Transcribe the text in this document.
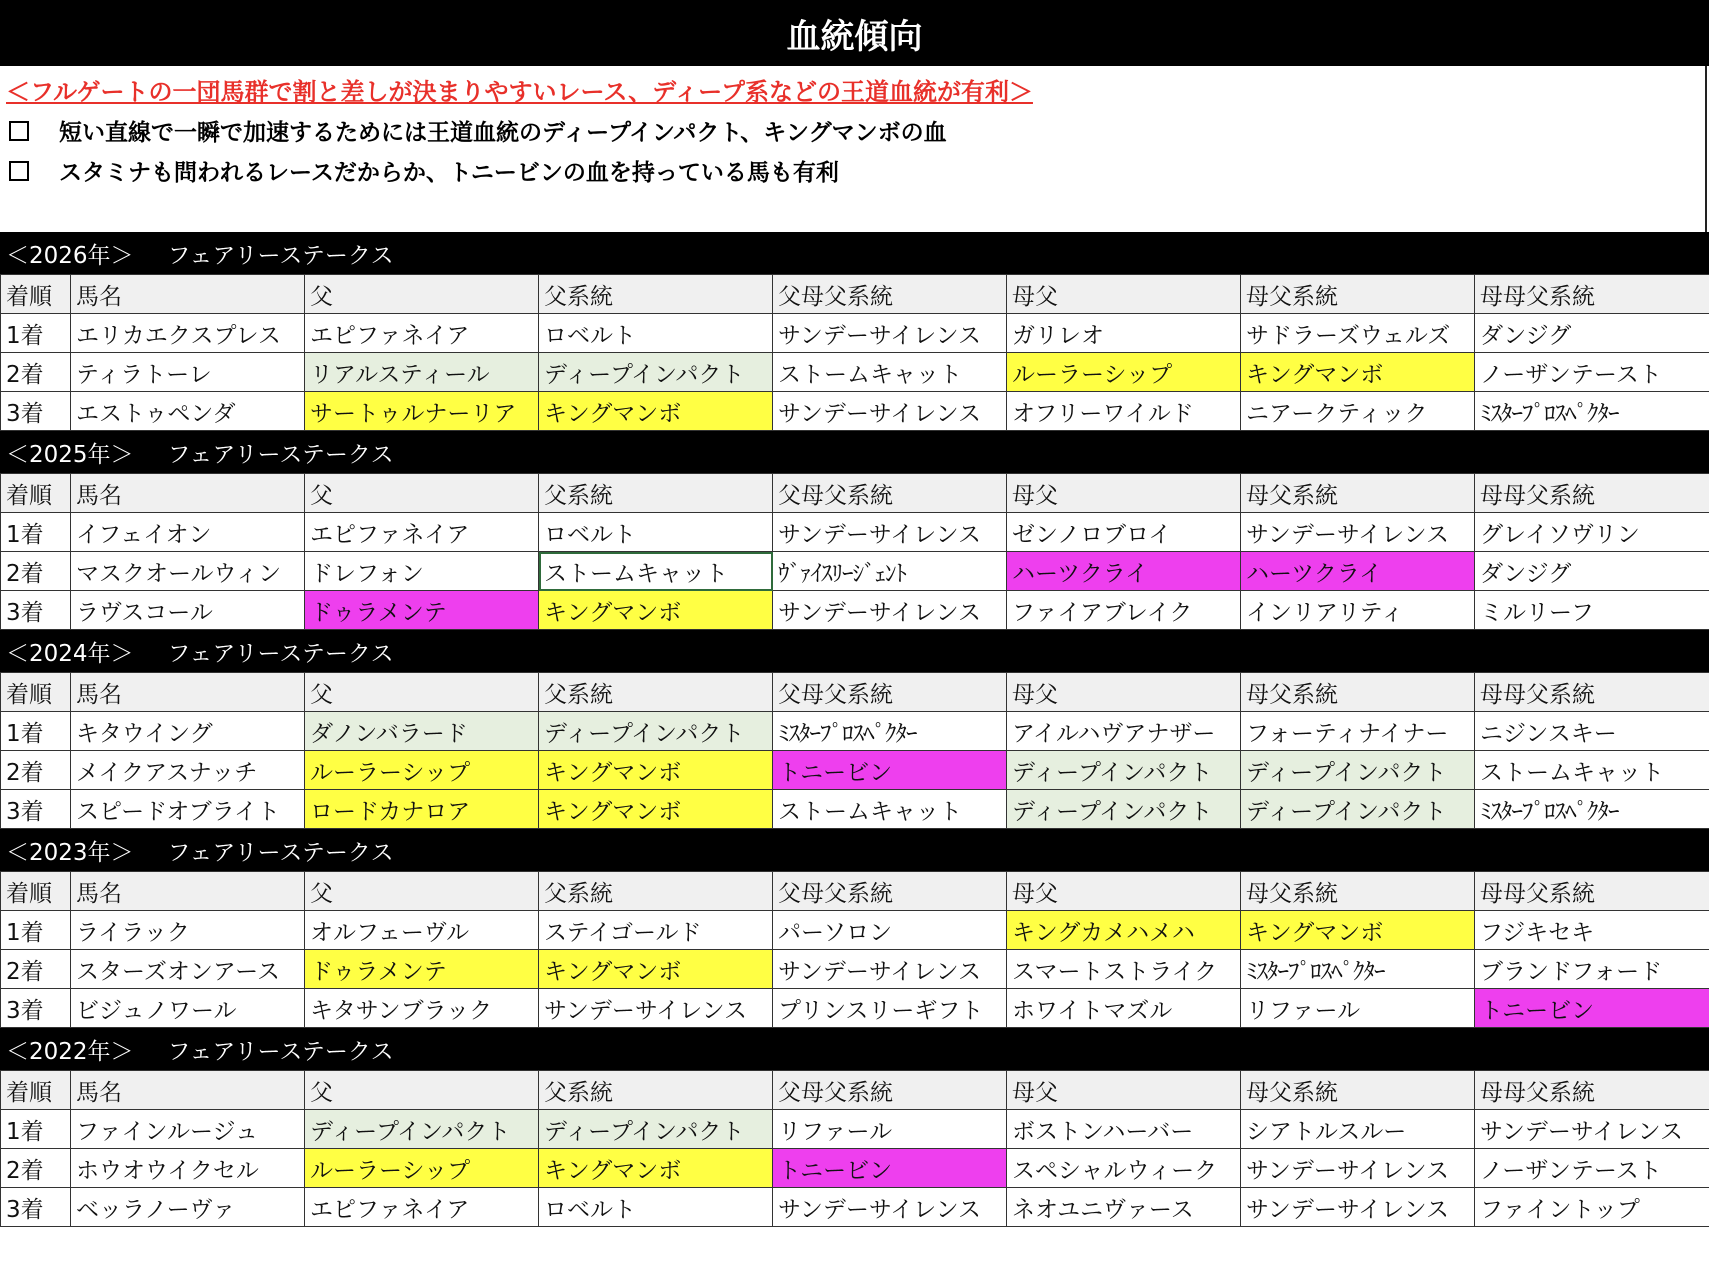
血統傾向
＜フルゲートの一団馬群で割と差しが決まりやすいレース、ディープ系などの王道血統が有利＞
短い直線で一瞬で加速するためには王道血統のディープインパクト、キングマンボの血
スタミナも問われるレースだからか、トニービンの血を持っている馬も有利
＜2026年＞ フェアリーステークス
着順	馬名	父	父系統	父母父系統	母父	母父系統	母母父系統
1着	エリカエクスプレス	エピファネイア	ロベルト	サンデーサイレンス	ガリレオ	サドラーズウェルズ	ダンジグ
2着	ティラトーレ	リアルスティール	ディープインパクト	ストームキャット	ルーラーシップ	キングマンボ	ノーザンテースト
3着	エストゥペンダ	サートゥルナーリア	キングマンボ	サンデーサイレンス	オフリーワイルド	ニアークティック	ﾐｽﾀｰﾌﾟﾛｽﾍﾟｸﾀｰ
＜2025年＞ フェアリーステークス
着順	馬名	父	父系統	父母父系統	母父	母父系統	母母父系統
1着	イフェイオン	エピファネイア	ロベルト	サンデーサイレンス	ゼンノロブロイ	サンデーサイレンス	グレイソヴリン
2着	マスクオールウィン	ドレフォン	ストームキャット	ｳﾞｧｲｽﾘｰｼﾞｪﾝﾄ	ハーツクライ	ハーツクライ	ダンジグ
3着	ラヴスコール	ドゥラメンテ	キングマンボ	サンデーサイレンス	ファイアブレイク	インリアリティ	ミルリーフ
＜2024年＞ フェアリーステークス
着順	馬名	父	父系統	父母父系統	母父	母父系統	母母父系統
1着	キタウイング	ダノンバラード	ディープインパクト	ﾐｽﾀｰﾌﾟﾛｽﾍﾟｸﾀｰ	アイルハヴアナザー	フォーティナイナー	ニジンスキー
2着	メイクアスナッチ	ルーラーシップ	キングマンボ	トニービン	ディープインパクト	ディープインパクト	ストームキャット
3着	スピードオブライト	ロードカナロア	キングマンボ	ストームキャット	ディープインパクト	ディープインパクト	ﾐｽﾀｰﾌﾟﾛｽﾍﾟｸﾀｰ
＜2023年＞ フェアリーステークス
着順	馬名	父	父系統	父母父系統	母父	母父系統	母母父系統
1着	ライラック	オルフェーヴル	ステイゴールド	パーソロン	キングカメハメハ	キングマンボ	フジキセキ
2着	スターズオンアース	ドゥラメンテ	キングマンボ	サンデーサイレンス	スマートストライク	ﾐｽﾀｰﾌﾟﾛｽﾍﾟｸﾀｰ	ブランドフォード
3着	ビジュノワール	キタサンブラック	サンデーサイレンス	プリンスリーギフト	ホワイトマズル	リファール	トニービン
＜2022年＞ フェアリーステークス
着順	馬名	父	父系統	父母父系統	母父	母父系統	母母父系統
1着	ファインルージュ	ディープインパクト	ディープインパクト	リファール	ボストンハーバー	シアトルスルー	サンデーサイレンス
2着	ホウオウイクセル	ルーラーシップ	キングマンボ	トニービン	スペシャルウィーク	サンデーサイレンス	ノーザンテースト
3着	ベッラノーヴァ	エピファネイア	ロベルト	サンデーサイレンス	ネオユニヴァース	サンデーサイレンス	ファイントップ
